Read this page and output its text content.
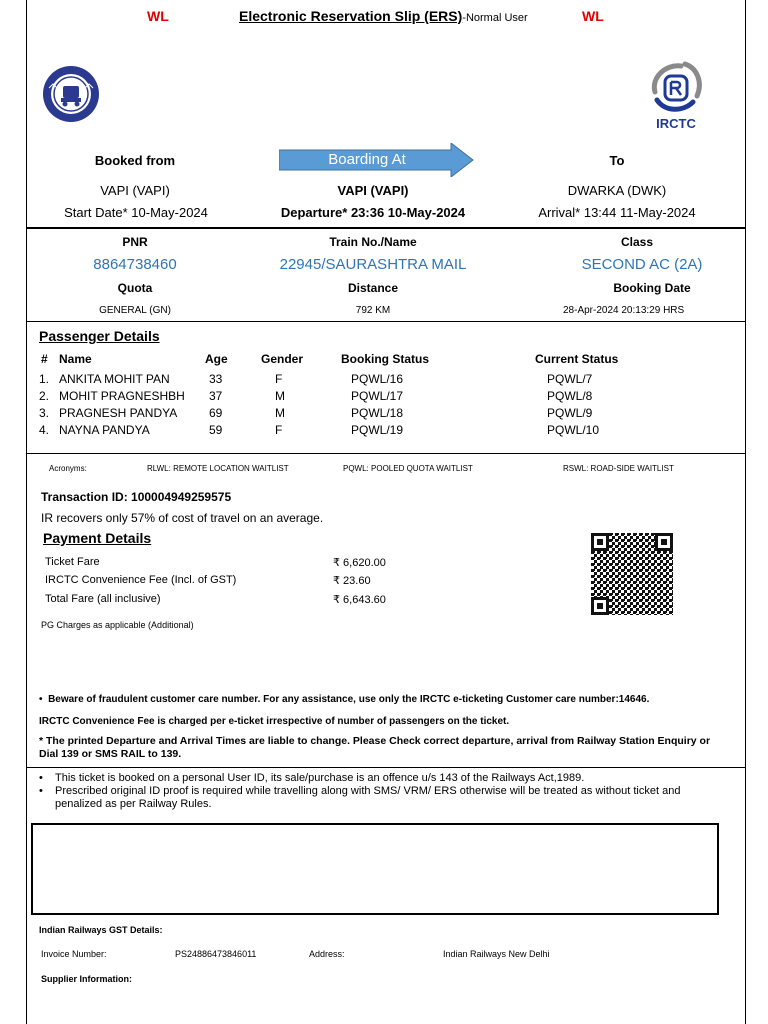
WL	Electronic Reservation Slip (ERS)-Normal User	WL
IRCTC
Booked from	Boarding At	To
VAPI (VAPI)	VAPI (VAPI)	DWARKA (DWK)
Start Date* 10-May-2024	Departure* 23:36 10-May-2024	Arrival* 13:44 11-May-2024
PNR	Train No./Name	Class
8864738460	22945/SAURASHTRA MAIL	SECOND AC (2A)
Quota	Distance	Booking Date
GENERAL (GN)	792 KM	28-Apr-2024 20:13:29 HRS
Passenger Details
# Name	Age	Gender	Booking Status	Current Status
1. ANKITA MOHIT PAN	33	F	PQWL/16	PQWL/7
2. MOHIT PRAGNESHBH 37	M	PQWL/17	PQWL/8
3. PRAGNESH PANDYA	69	M	PQWL/18	PQWL/9
4. NAYNA PANDYA	59	F	PQWL/19	PQWL/10
Acronyms:	RLWL: REMOTE LOCATION WAITLIST	PQWL: POOLED QUOTA WAITLIST	RSWL: ROAD-SIDE WAITLIST
Transaction ID: 100004949259575
IR recovers only 57% of cost of travel on an average.
Payment Details
Ticket Fare	₹ 6,620.00
IRCTC Convenience Fee (Incl. of GST)	₹ 23.60
Total Fare (all inclusive)	₹ 6,643.60
PG Charges as applicable (Additional)
•  Beware of fraudulent customer care number. For any assistance, use only the IRCTC e-ticketing Customer care number:14646.
IRCTC Convenience Fee is charged per e-ticket irrespective of number of passengers on the ticket.
* The printed Departure and Arrival Times are liable to change. Please Check correct departure, arrival from Railway Station Enquiry or Dial 139 or SMS RAIL to 139.
• This ticket is booked on a personal User ID, its sale/purchase is an offence u/s 143 of the Railways Act,1989.
• Prescribed original ID proof is required while travelling along with SMS/ VRM/ ERS otherwise will be treated as without ticket and penalized as per Railway Rules.
Indian Railways GST Details:
Invoice Number:	PS24886473846011	Address:	Indian Railways New Delhi
Supplier Information:
